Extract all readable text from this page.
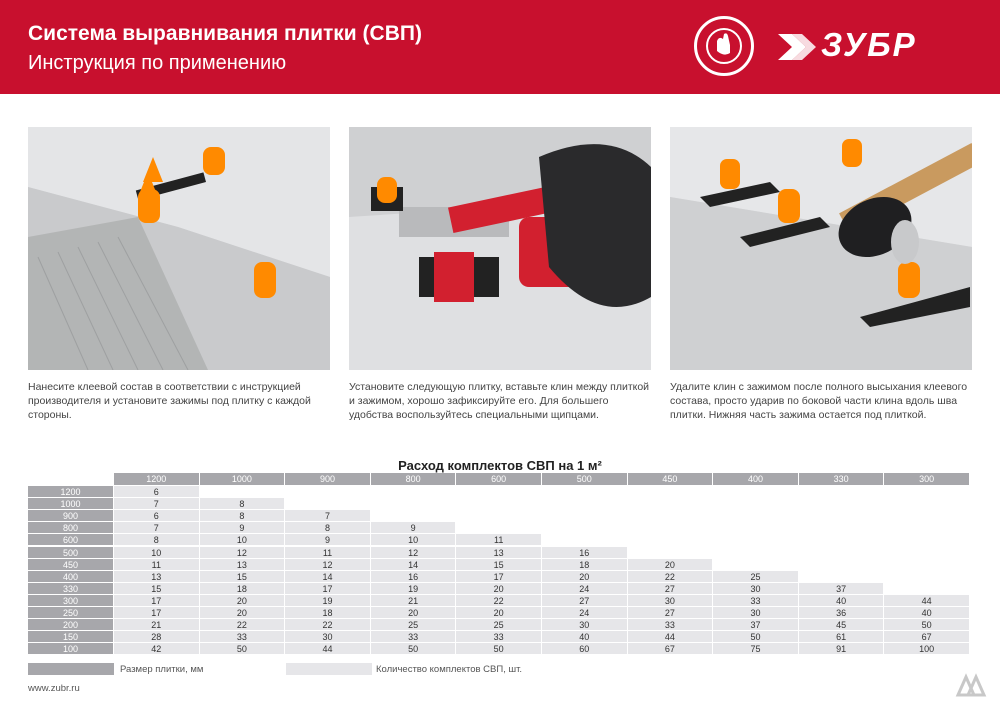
Система выравнивания плитки (СВП)
Инструкция по применению	ЗУБР
Нанесите клеевой состав в соответствии с инструкцией производителя и установите зажимы под плитку с каждой стороны.
Установите следующую плитку, вставьте клин между плиткой и зажимом, хорошо зафиксируйте его. Для большего удобства воспользуйтесь специальными щипцами.
Удалите клин с зажимом после полного высыхания клеевого состава, просто ударив по боковой части клина вдоль шва плитки. Нижняя часть зажима остается под плиткой.
Расход комплектов СВП на 1 м²
1200	1000	900	800	600	500	450	400	330	300
1200	6
1000	7	8
900	6	8	7
800	7	9	8	9
600	8	10	9	10	11
500	10	12	11	12	13	16
450	11	13	12	14	15	18	20
400	13	15	14	16	17	20	22	25
330	15	18	17	19	20	24	27	30	37
300	17	20	19	21	22	27	30	33	40	44
250	17	20	18	20	20	24	27	30	36	40
200	21	22	22	25	25	30	33	37	45	50
150	28	33	30	33	33	40	44	50	61	67
100	42	50	44	50	50	60	67	75	91	100
Размер плитки, мм	Количество комплектов СВП, шт.
www.zubr.ru
